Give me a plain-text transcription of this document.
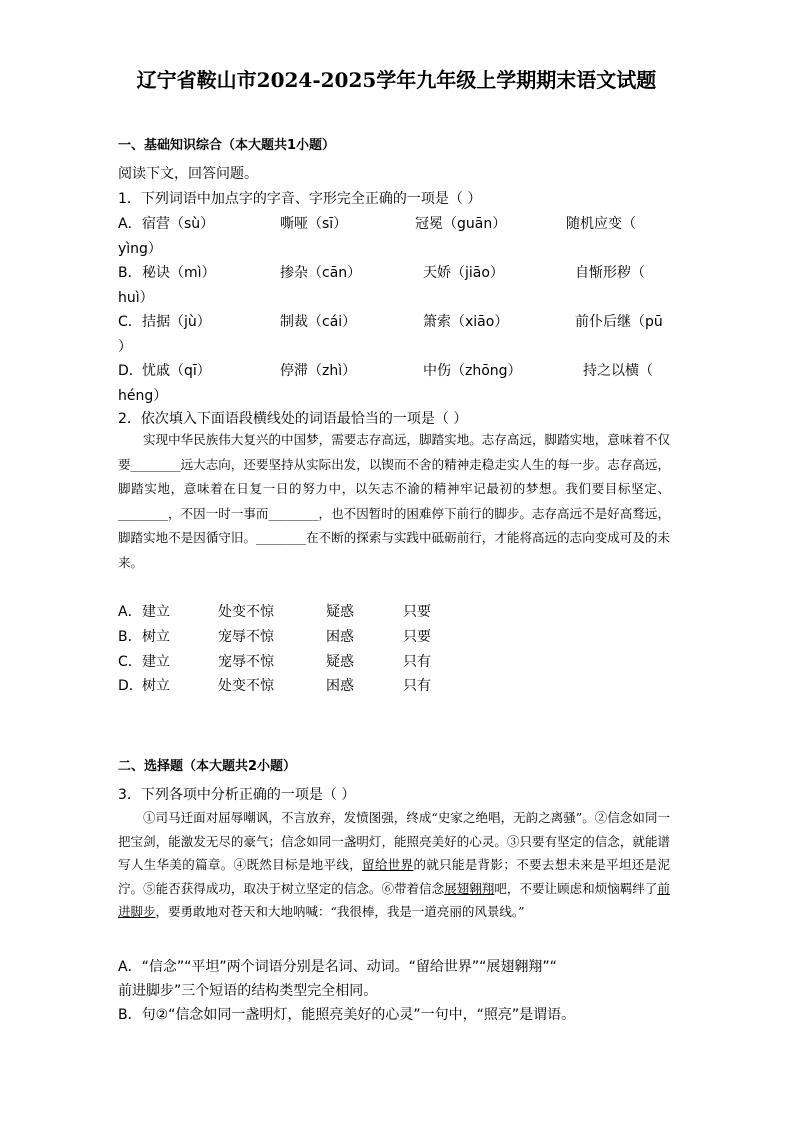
辽宁省鞍山市2024-2025学年九年级上学期期末语文试题
一、基础知识综合（本大题共1小题）
阅读下文，回答问题。
1．下列词语中加点字的字音、字形完全正确的一项是（ ）
A． 宿营（sù）	嘶哑（sī）	冠冕（guān）	随机应变（
yìng）
B． 秘诀（mì）	掺杂（cān）	天娇（jiāo）	自惭形秽（
huì）
C． 拮据（jù）	制裁（cái）	箫索（xiāo）	前仆后继（pū
）
D． 忧戚（qī）	停滞（zhì）	中伤（zhōng）	持之以横（
héng）
2．依次填入下面语段横线处的词语最恰当的一项是（ ）

实现中华民族伟大复兴的中国梦，需要志存高远，脚踏实地。志存高远，脚踏实地，意味着不仅要________远大志向，还要坚持从实际出发，以锲而不舍的精神走稳走实人生的每一步。志存高远，脚踏实地，意味着在日复一日的努力中，以矢志不渝的精神牢记最初的梦想。我们要目标坚定、________，不因一时一事而________，也不因暂时的困难停下前行的脚步。志存高远不是好高骛远，脚踏实地不是因循守旧。________在不断的探索与实践中砥砺前行，才能将高远的志向变成可及的未来。

A． 建立	处变不惊	疑惑	只要
B． 树立	宠辱不惊	困惑	只要
C． 建立	宠辱不惊	疑惑	只有
D． 树立	处变不惊	困惑	只有
二、选择题（本大题共2小题）
3．下列各项中分析正确的一项是（ ）

①司马迁面对屈辱嘲讽，不言放弃，发愤图强，终成“史家之绝唱，无韵之离骚”。②信念如同一把宝剑，能激发无尽的豪气；信念如同一盏明灯，能照亮美好的心灵。③只要有坚定的信念，就能谱写人生华美的篇章。④既然目标是地平线，留给世界的就只能是背影；不要去想未来是平坦还是泥泞。⑤能否获得成功，取决于树立坚定的信念。⑥带着信念展翅翱翔吧，不要让顾虑和烦恼羁绊了前进脚步，要勇敢地对苍天和大地呐喊：“我很棒，我是一道亮丽的风景线。”

A．“信念”“平坦”两个词语分别是名词、动词。“留给世界”“展翅翱翔”“
前进脚步”三个短语的结构类型完全相同。
B．句②“信念如同一盏明灯，能照亮美好的心灵”一句中，“照亮”是谓语。
